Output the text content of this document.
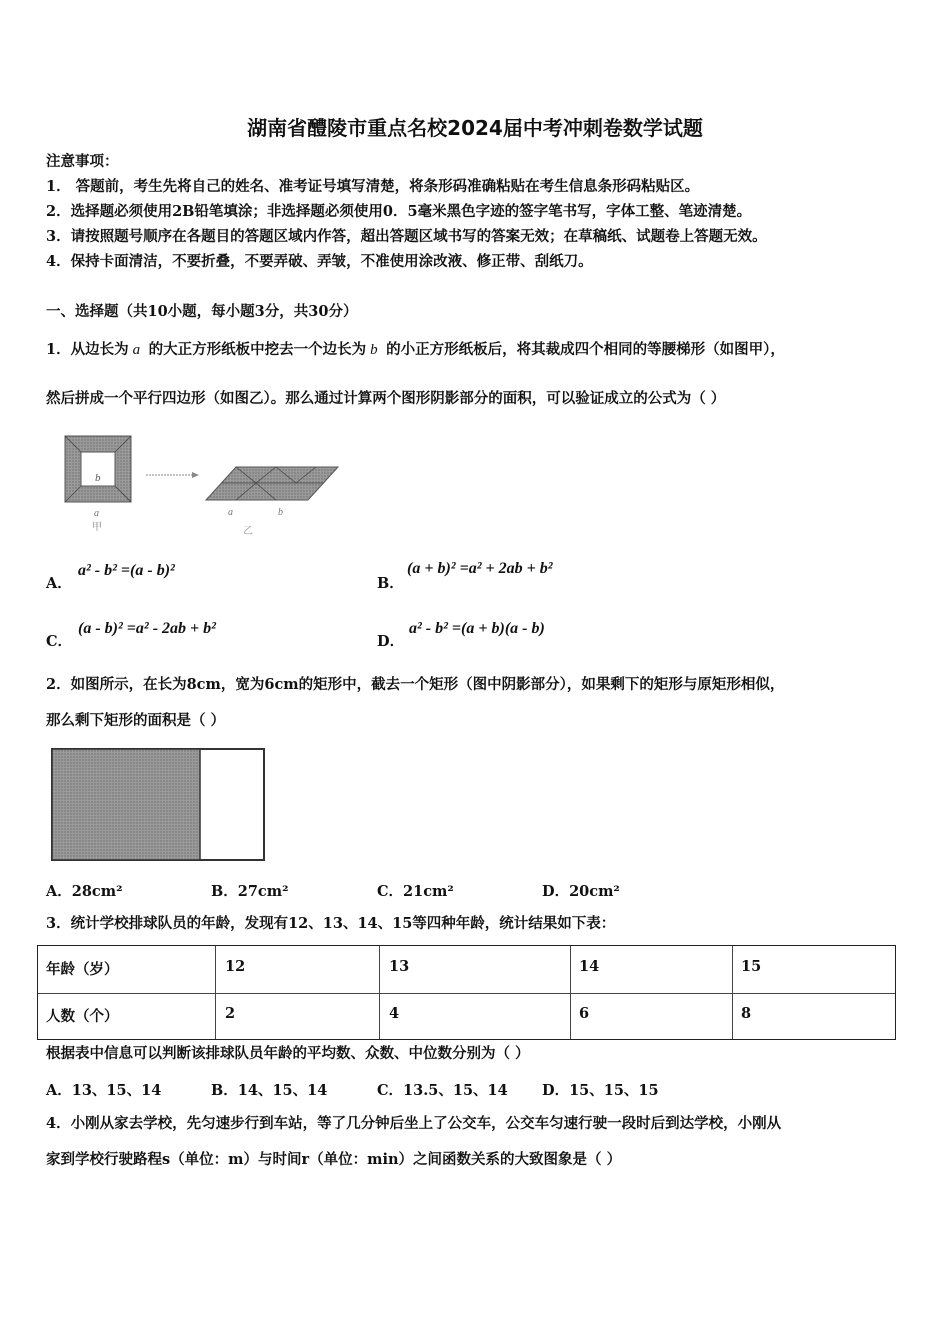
湖南省醴陵市重点名校2024届中考冲刺卷数学试题
注意事项：
1． 答题前，考生先将自己的姓名、准考证号填写清楚，将条形码准确粘贴在考生信息条形码粘贴区。
2．选择题必须使用2B铅笔填涂；非选择题必须使用0．5毫米黑色字迹的签字笔书写，字体工整、笔迹清楚。
3．请按照题号顺序在各题目的答题区域内作答，超出答题区域书写的答案无效；在草稿纸、试题卷上答题无效。
4．保持卡面清洁，不要折叠，不要弄破、弄皱，不准使用涂改液、修正带、刮纸刀。
一、选择题（共10小题，每小题3分，共30分）
1．从边长为 a 的大正方形纸板中挖去一个边长为 b 的小正方形纸板后，将其裁成四个相同的等腰梯形（如图甲），
然后拼成一个平行四边形（如图乙）。那么通过计算两个图形阴影部分的面积，可以验证成立的公式为（ ）
b
a
甲
a	b
乙
A．
a² - b² =(a - b)²
B．
(a + b)² =a² + 2ab + b²
C．
(a - b)² =a² - 2ab + b²
D．
a² - b² =(a + b)(a - b)
2．如图所示，在长为8cm，宽为6cm的矩形中，截去一个矩形（图中阴影部分），如果剩下的矩形与原矩形相似，
那么剩下矩形的面积是（ ）
A．28cm²	B．27cm²	C．21cm²	D．20cm²
3．统计学校排球队员的年龄，发现有12、13、14、15等四种年龄，统计结果如下表：
年龄（岁）	12	13	14	15
人数（个）	2	4	6	8
根据表中信息可以判断该排球队员年龄的平均数、众数、中位数分别为（ ）
A．13、15、14	B．14、15、14	C．13.5、15、14 D．15、15、15
4．小刚从家去学校，先匀速步行到车站，等了几分钟后坐上了公交车，公交车匀速行驶一段时后到达学校，小刚从
家到学校行驶路程s（单位：m）与时间r（单位：min）之间函数关系的大致图象是（ ）
